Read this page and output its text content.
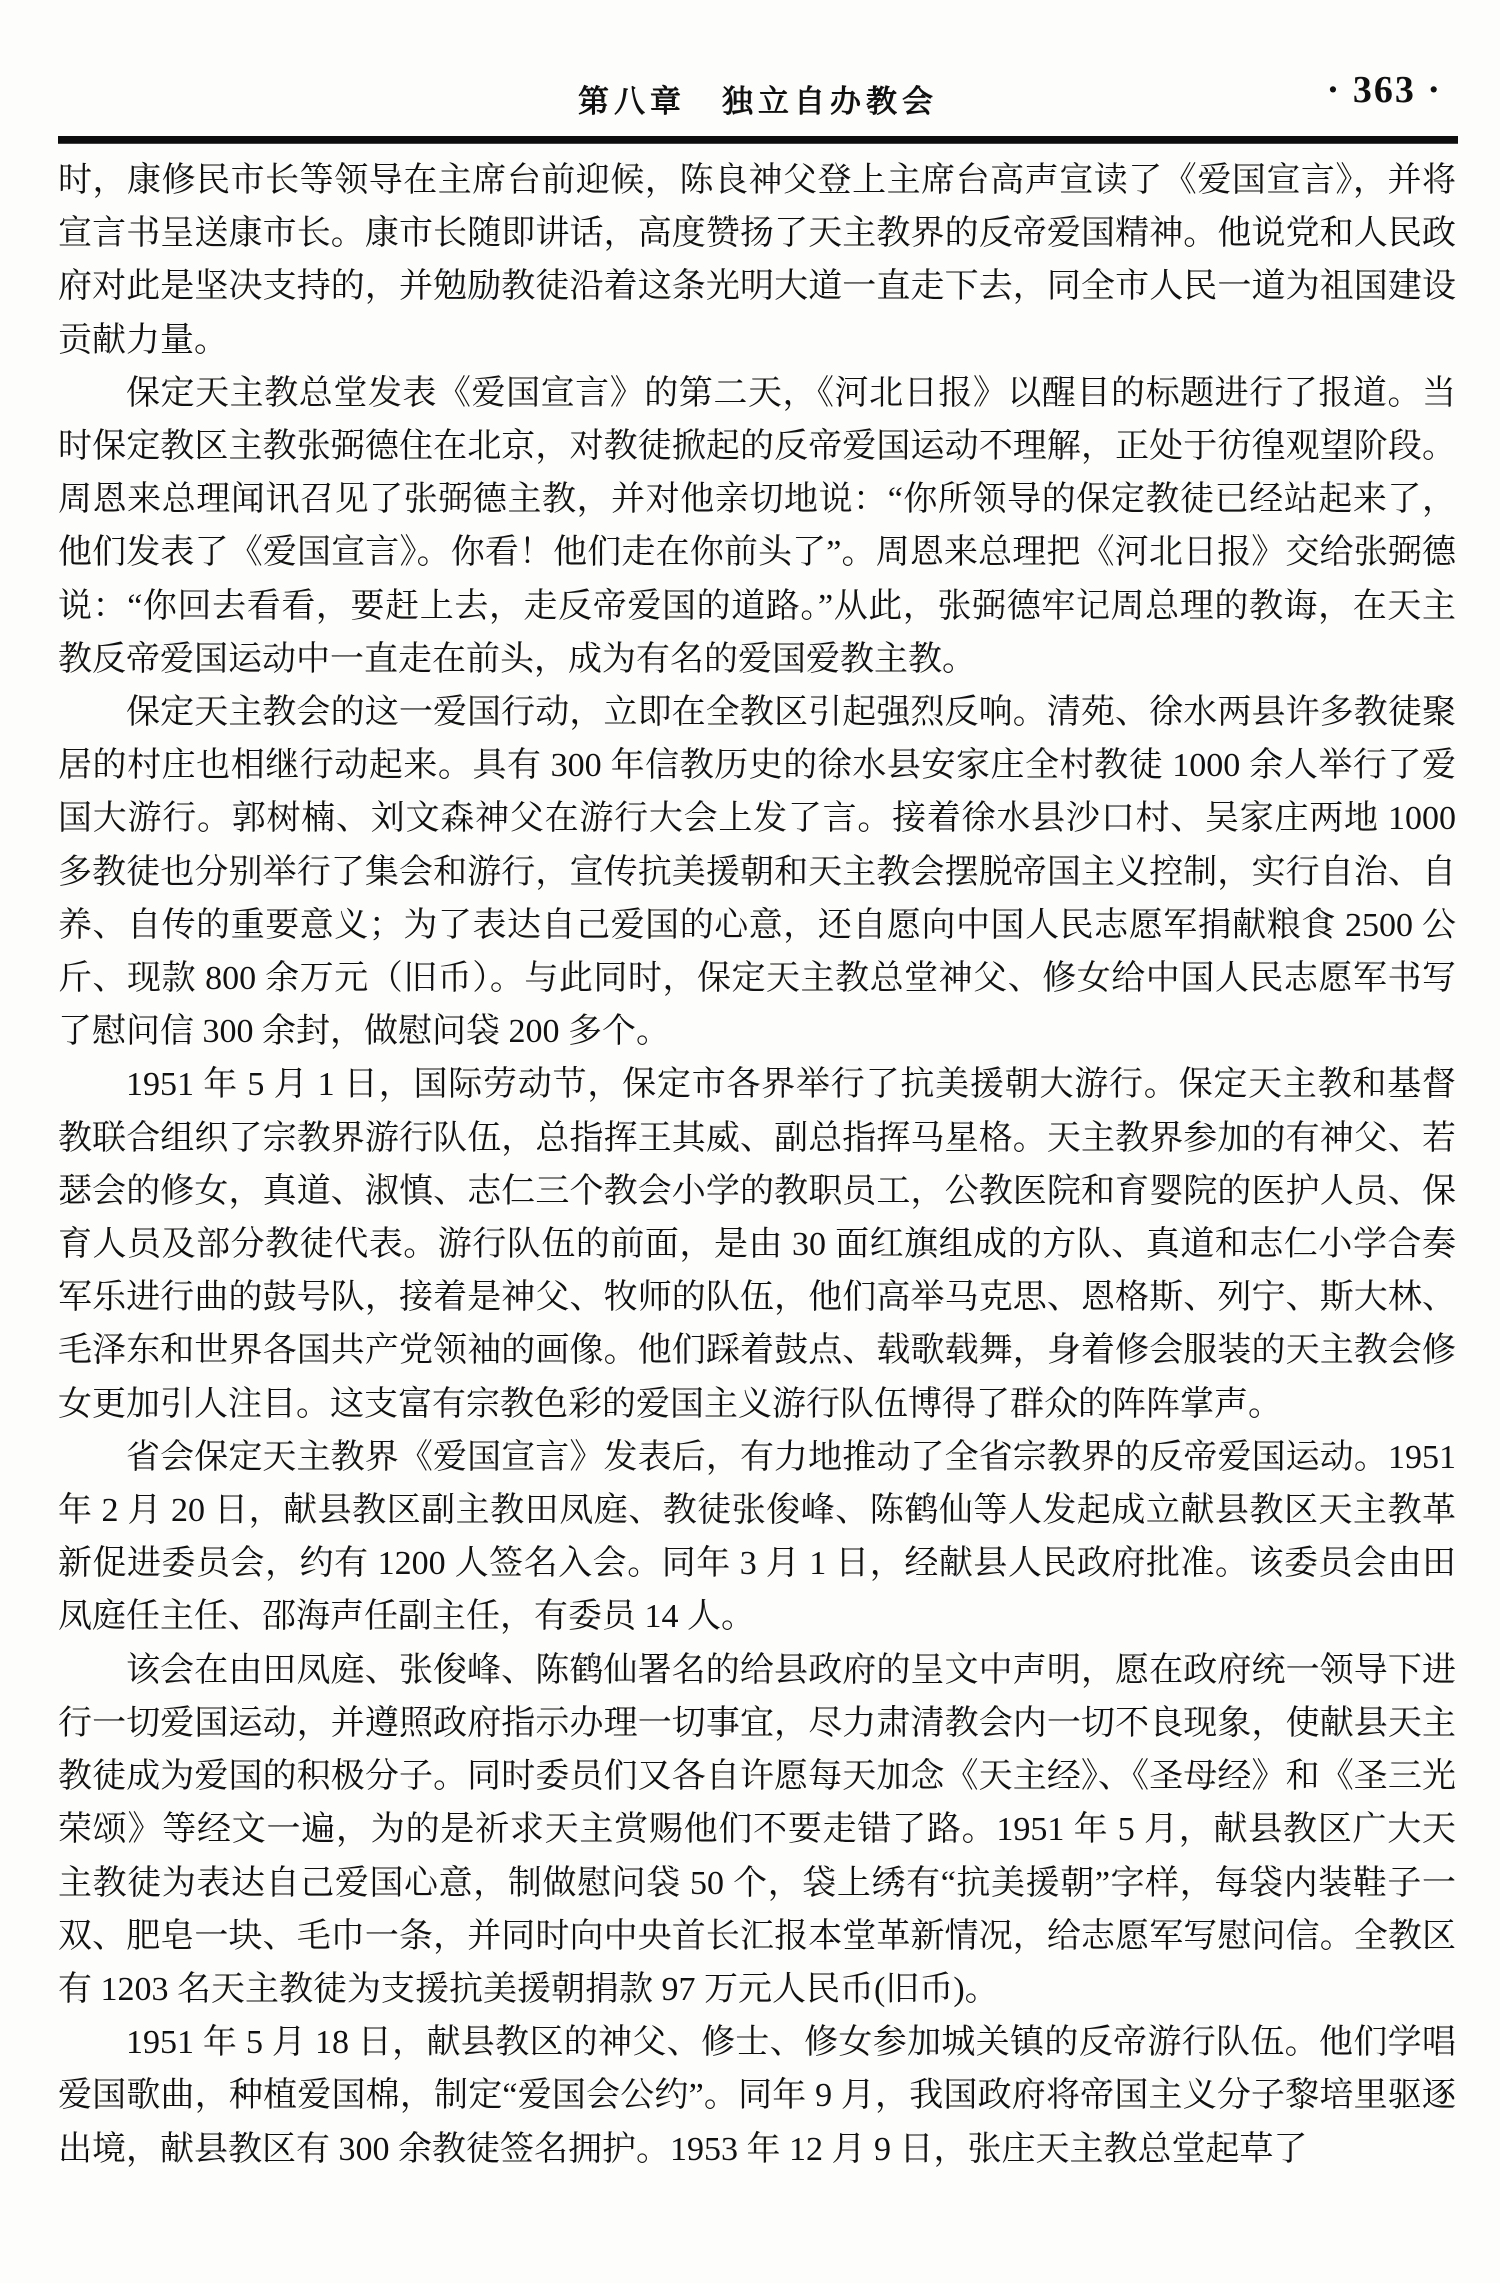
第八章　独立自办教会	· 363 ·

时，康修民市长等领导在主席台前迎候，陈良神父登上主席台高声宣读了《爱国宣言》，并将宣言书呈送康市长。康市长随即讲话，高度赞扬了天主教界的反帝爱国精神。他说党和人民政府对此是坚决支持的，并勉励教徒沿着这条光明大道一直走下去，同全市人民一道为祖国建设贡献力量。

保定天主教总堂发表《爱国宣言》的第二天，《河北日报》以醒目的标题进行了报道。当时保定教区主教张弼德住在北京，对教徒掀起的反帝爱国运动不理解，正处于彷徨观望阶段。周恩来总理闻讯召见了张弼德主教，并对他亲切地说：“你所领导的保定教徒已经站起来了，他们发表了《爱国宣言》。你看！他们走在你前头了”。周恩来总理把《河北日报》交给张弼德说：“你回去看看，要赶上去，走反帝爱国的道路。”从此，张弼德牢记周总理的教诲，在天主教反帝爱国运动中一直走在前头，成为有名的爱国爱教主教。

保定天主教会的这一爱国行动，立即在全教区引起强烈反响。清苑、徐水两县许多教徒聚居的村庄也相继行动起来。具有 300 年信教历史的徐水县安家庄全村教徒 1000 余人举行了爱国大游行。郭树楠、刘文森神父在游行大会上发了言。接着徐水县沙口村、吴家庄两地 1000 多教徒也分别举行了集会和游行，宣传抗美援朝和天主教会摆脱帝国主义控制，实行自治、自养、自传的重要意义；为了表达自己爱国的心意，还自愿向中国人民志愿军捐献粮食 2500 公斤、现款 800 余万元（旧币）。与此同时，保定天主教总堂神父、修女给中国人民志愿军书写了慰问信 300 余封，做慰问袋 200 多个。

1951 年 5 月 1 日，国际劳动节，保定市各界举行了抗美援朝大游行。保定天主教和基督教联合组织了宗教界游行队伍，总指挥王其威、副总指挥马星格。天主教界参加的有神父、若瑟会的修女，真道、淑慎、志仁三个教会小学的教职员工，公教医院和育婴院的医护人员、保育人员及部分教徒代表。游行队伍的前面，是由 30 面红旗组成的方队、真道和志仁小学合奏军乐进行曲的鼓号队，接着是神父、牧师的队伍，他们高举马克思、恩格斯、列宁、斯大林、毛泽东和世界各国共产党领袖的画像。他们踩着鼓点、载歌载舞，身着修会服装的天主教会修女更加引人注目。这支富有宗教色彩的爱国主义游行队伍博得了群众的阵阵掌声。

省会保定天主教界《爱国宣言》发表后，有力地推动了全省宗教界的反帝爱国运动。1951 年 2 月 20 日，献县教区副主教田凤庭、教徒张俊峰、陈鹤仙等人发起成立献县教区天主教革新促进委员会，约有 1200 人签名入会。同年 3 月 1 日，经献县人民政府批准。该委员会由田凤庭任主任、邵海声任副主任，有委员 14 人。

该会在由田凤庭、张俊峰、陈鹤仙署名的给县政府的呈文中声明，愿在政府统一领导下进行一切爱国运动，并遵照政府指示办理一切事宜，尽力肃清教会内一切不良现象，使献县天主教徒成为爱国的积极分子。同时委员们又各自许愿每天加念《天主经》、《圣母经》和《圣三光荣颂》等经文一遍，为的是祈求天主赏赐他们不要走错了路。1951 年 5 月，献县教区广大天主教徒为表达自己爱国心意，制做慰问袋 50 个，袋上绣有“抗美援朝”字样，每袋内装鞋子一双、肥皂一块、毛巾一条，并同时向中央首长汇报本堂革新情况，给志愿军写慰问信。全教区有 1203 名天主教徒为支援抗美援朝捐款 97 万元人民币(旧币)。

1951 年 5 月 18 日，献县教区的神父、修士、修女参加城关镇的反帝游行队伍。他们学唱爱国歌曲，种植爱国棉，制定“爱国会公约”。同年 9 月，我国政府将帝国主义分子黎培里驱逐出境，献县教区有 300 余教徒签名拥护。1953 年 12 月 9 日，张庄天主教总堂起草了
